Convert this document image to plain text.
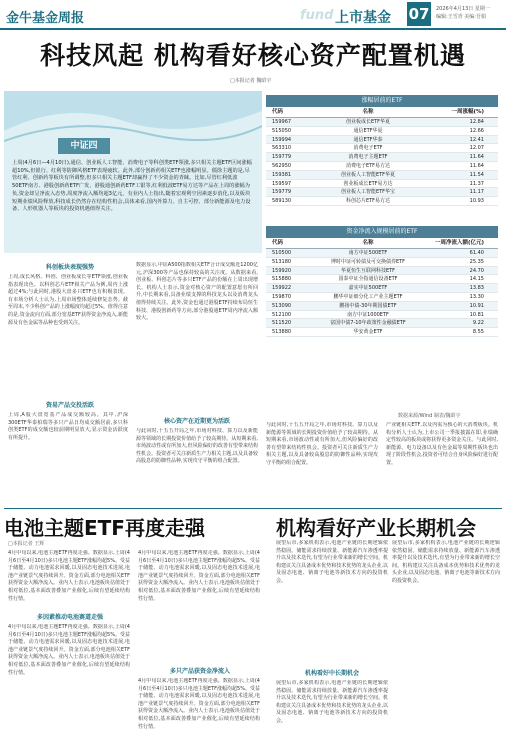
金牛基金周报	fund 上市基金 07	2026年4月13日 星期一
编辑:王雪青 美编:吾娟
科技风起 机构看好核心资产配置机遇
□本报记者 魏昭宇
中证四
上周(4月6日—4月10日),通信、创业板人工智能、消费电子等科创类ETF领涨,多只相关主题ETF区间涨幅超10%,但银行、红利等防御风格ETF表现疲软。此外,部分创新药相关ETF也涨幅明显。僵徐主题的是,尽管红利、创新药等板块有所调整,但多只相关主题ETF却赢得了不少资金的青睐。比如,尽管红利低波50ETF南方、港股创新药ETF广发、港股通创新药ETF工银等,红利低波ETF易方达等产品在上周的涨幅为负,资金却呈净流入态势,周度净流入额均超3亿元。有业内人士指出,随着宏观利空因素逐步消化,以及板块短期业绩风险释放,科技成长仍然存在结构性机会,具体来看,国内外算力、自主可控、部分新能源及电力设备、人形机器人等板块的投资机遇值得关注。
涨幅居前的ETF
代码	名称	一周涨幅(%)
159967	创业板成长ETF华夏	12.84
515050	通信ETF华夏	12.66
159994	通信ETF华泰	12.41
563310	消费电子ETF	12.07
159779	消费电子主题ETF	11.64
562950	消费电子ETF易方达	11.64
159381	创业板人工智能ETF华夏	11.54
159597	创业板成长ETF易方达	11.37
159779	创业板人工智能ETF华宝	11.17
589130	科创芯片ETF易方达	10.93
资金净流入规模居前的ETF
代码	名称	一周净流入额(亿元)
510500	南方中证500ETF	61.40
513180	博时中证可转债及可交换债券ETF	25.35
159920	华夏恒生互联网科技ETF	24.70
515880	国泰中证全指通信设备ETF	14.15
159922	嘉实中证500ETF	13.83
159870	鹏华中证细分化工产业主题ETF	13.30
513090	鹏扬中债-30年期国债ETF	10.91
512100	南方中证1000ETF	10.81
511520	富国中债7-10年政策性金融债ETF	9.22
513880	华安黄金ETF	8.55
数据来源/Wind 制表/魏昭宇
科创板块表现强势
上周,成长风格、科创、创业板成长等ETF领涨,创业板指表现出色。以科创芯片ETF相关产品为例,周内上涨超过4%;与此同时,港股大盘多只ETF也有积极表现。有市场分析人士认为,上周市场整体延续修复态势。截至周末,不少科创产品的上涨幅度均超过5%。值得注意的是,资金流向方面,部分宽基ETF获得资金净流入,新能源及有色金属等品种也受到关注。
资易产品交投活跃
上周,A股大盘宽基产品成交额较高。其中,沪深300ETF华泰柏瑞等多只产品日均成交额居前,多只科创类ETF的成交额也较前期明显放大,显示资金活跃度有所提升。
数据显示,中证A500指数相关ETF合计成交额近1200亿元,沪深300等产品也保持较高的关注度。从数据来看,创业板、科创芯片等多只ETF产品的份额在上周出现增长。机构人士表示,资金对核心资产的配置意愿有所回升,中长期来看,具备业绩支撑的科技龙头以及消费龙头值得持续关注。此外,资金也通过港股ETF持续布局恒生科技、港股创新药等方向,部分港股通ETF周内净流入额较大。
核心资产在近期更为活跃
与此同时,十五五开局之年,市场对科技、算力以及新能源等领域的长期投资价值给予了较高期待。从短期来看,市场波动性或有所加大,但风险偏好的改善有望带来结构性机会。投资者可关注新质生产力相关主题,以及具备较高股息的防御性品种,实现攻守平衡的组合配置。
与此同时,十五五开局之年,市场对科技、算力以及新能源等领域的长期投资价值给予了较高期待。从短期来看,市场波动性或有所加大,但风险偏好的改善有望带来结构性机会。投资者可关注新质生产力相关主题,以及具备较高股息的防御性品种,实现攻守平衡的组合配置。
产业链相关ETF,以及内需为核心的大消费板块。机构分析人士认为,上市公司一季报披露在即,业绩确定性较高的板块或将获得更多资金关注。与此同时,新能源、电力设备以及有色金属等周期性板块也出现了阶段性机会,投资者可结合自身风险偏好进行配置。
电池主题ETF再度走强
□本报记者 王辉
多因素推动电池赛道走强
4月中旬以来,电池主题ETF再度走强。数据显示,上周(4月6日至4月10日)多只电池主题ETF涨幅均超5%。受益于储能、动力电池需求回暖,以及固态电池技术进展,电池产业链景气度持续回升。资金方面,部分电池相关ETF获得资金大额净流入。业内人士表示,电池板块估值处于相对低位,基本面改善叠加产业催化,后续有望延续结构性行情。
4月中旬以来,电池主题ETF再度走强。数据显示,上周(4月6日至4月10日)多只电池主题ETF涨幅均超5%。受益于储能、动力电池需求回暖,以及固态电池技术进展,电池产业链景气度持续回升。资金方面,部分电池相关ETF获得资金大额净流入。业内人士表示,电池板块估值处于相对低位,基本面改善叠加产业催化,后续有望延续结构性行情。
4月中旬以来,电池主题ETF再度走强。数据显示,上周(4月6日至4月10日)多只电池主题ETF涨幅均超5%。受益于储能、动力电池需求回暖,以及固态电池技术进展,电池产业链景气度持续回升。资金方面,部分电池相关ETF获得资金大额净流入。业内人士表示,电池板块估值处于相对低位,基本面改善叠加产业催化,后续有望延续结构性行情。
多只产品获资金净流入
4月中旬以来,电池主题ETF再度走强。数据显示,上周(4月6日至4月10日)多只电池主题ETF涨幅均超5%。受益于储能、动力电池需求回暖,以及固态电池技术进展,电池产业链景气度持续回升。资金方面,部分电池相关ETF获得资金大额净流入。业内人士表示,电池板块估值处于相对低位,基本面改善叠加产业催化,后续有望延续结构性行情。
机构看好产业长期机会
展望后市,多家机构表示,电池产业链的长期逻辑依然稳固。储能需求持续放量、新能源汽车渗透率提升以及技术迭代,有望为行业带来新的增长空间。机构建议关注具备成本优势和技术优势的龙头企业,以及固态电池、钠离子电池等新技术方向的投资机会。
机构看好中长期机会
展望后市,多家机构表示,电池产业链的长期逻辑依然稳固。储能需求持续放量、新能源汽车渗透率提升以及技术迭代,有望为行业带来新的增长空间。机构建议关注具备成本优势和技术优势的龙头企业,以及固态电池、钠离子电池等新技术方向的投资机会。
展望后市,多家机构表示,电池产业链的长期逻辑依然稳固。储能需求持续放量、新能源汽车渗透率提升以及技术迭代,有望为行业带来新的增长空间。机构建议关注具备成本优势和技术优势的龙头企业,以及固态电池、钠离子电池等新技术方向的投资机会。
